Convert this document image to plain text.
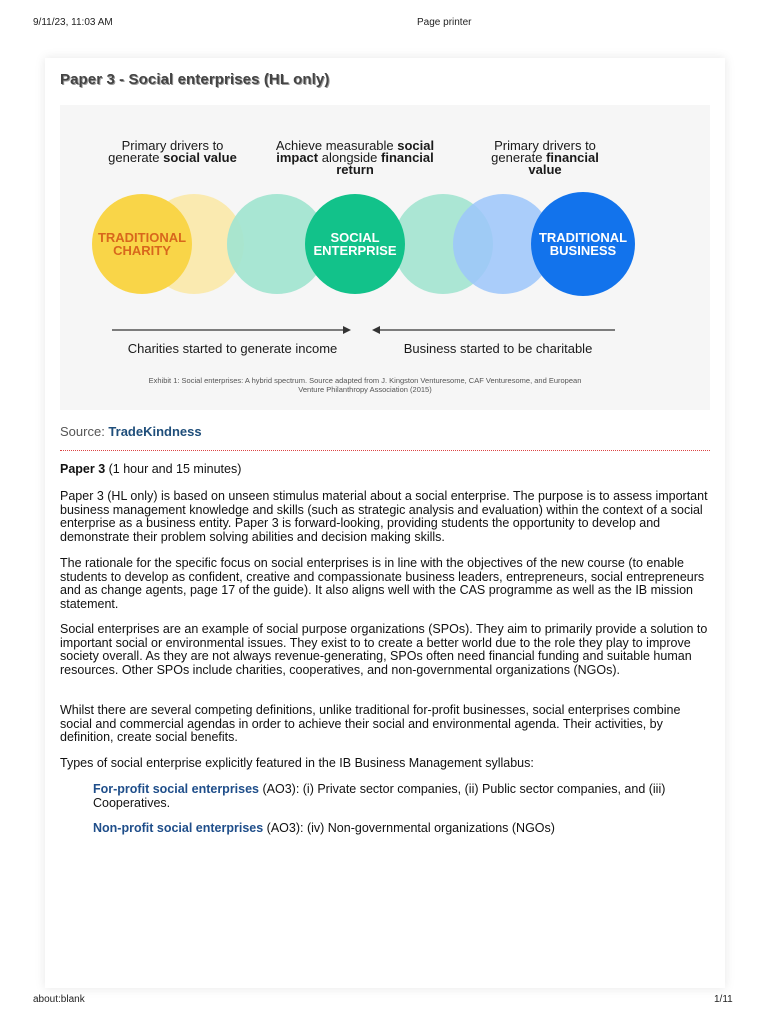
9/11/23, 11:03 AM	Page printer
Paper 3 - Social enterprises (HL only)
Primary drivers to
generate social value
Achieve measurable social
impact alongside financial
return
Primary drivers to
generate financial
value
TRADITIONAL
CHARITY
SOCIAL
ENTERPRISE
TRADITIONAL
BUSINESS
Charities started to generate income	Business started to be charitable
Exhibit 1: Social enterprises: A hybrid spectrum. Source adapted from J. Kingston Venturesome, CAF Venturesome, and European
Venture Philanthropy Association (2015)
Source: TradeKindness
Paper 3 (1 hour and 15 minutes)
Paper 3 (HL only) is based on unseen stimulus material about a social enterprise. The purpose is to assess important business management knowledge and skills (such as strategic analysis and evaluation) within the context of a social enterprise as a business entity. Paper 3 is forward-looking, providing students the opportunity to develop and demonstrate their problem solving abilities and decision making skills.
The rationale for the specific focus on social enterprises is in line with the objectives of the new course (to enable students to develop as confident, creative and compassionate business leaders, entrepreneurs, social entrepreneurs and as change agents, page 17 of the guide). It also aligns well with the CAS programme as well as the IB mission statement.
Social enterprises are an example of social purpose organizations (SPOs). They aim to primarily provide a solution to important social or environmental issues. They exist to to create a better world due to the role they play to improve society overall. As they are not always revenue-generating, SPOs often need financial funding and suitable human resources. Other SPOs include charities, cooperatives, and non-governmental organizations (NGOs).
Whilst there are several competing definitions, unlike traditional for-profit businesses, social enterprises combine social and commercial agendas in order to achieve their social and environmental agenda. Their activities, by definition, create social benefits.
Types of social enterprise explicitly featured in the IB Business Management syllabus:
For-profit social enterprises (AO3): (i) Private sector companies, (ii) Public sector companies, and (iii) Cooperatives.
Non-profit social enterprises (AO3): (iv) Non-governmental organizations (NGOs)
about:blank	1/11
